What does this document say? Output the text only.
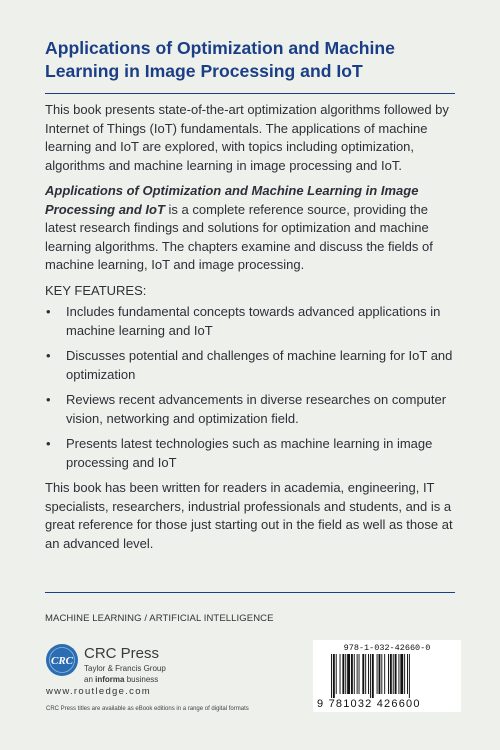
Applications of Optimization and Machine Learning in Image Processing and IoT

This book presents state-of-the-art optimization algorithms followed by Internet of Things (IoT) fundamentals. The applications of machine learning and IoT are explored, with topics including optimization, algorithms and machine learning in image processing and IoT.

Applications of Optimization and Machine Learning in Image Processing and IoT is a complete reference source, providing the latest research findings and solutions for optimization and machine learning algorithms. The chapters examine and discuss the fields of machine learning, IoT and image processing.

KEY FEATURES:
• Includes fundamental concepts towards advanced applications in machine learning and IoT
• Discusses potential and challenges of machine learning for IoT and optimization
• Reviews recent advancements in diverse researches on computer vision, networking and optimization field.
• Presents latest technologies such as machine learning in image processing and IoT

This book has been written for readers in academia, engineering, IT specialists, researchers, industrial professionals and students, and is a great reference for those just starting out in the field as well as those at an advanced level.

MACHINE LEARNING / ARTIFICIAL INTELLIGENCE
CRC CRC Press
Taylor & Francis Group
an informa business
www.routledge.com
CRC Press titles are available as eBook editions in a range of digital formats
978-1-032-42660-0
9 781032 426600
